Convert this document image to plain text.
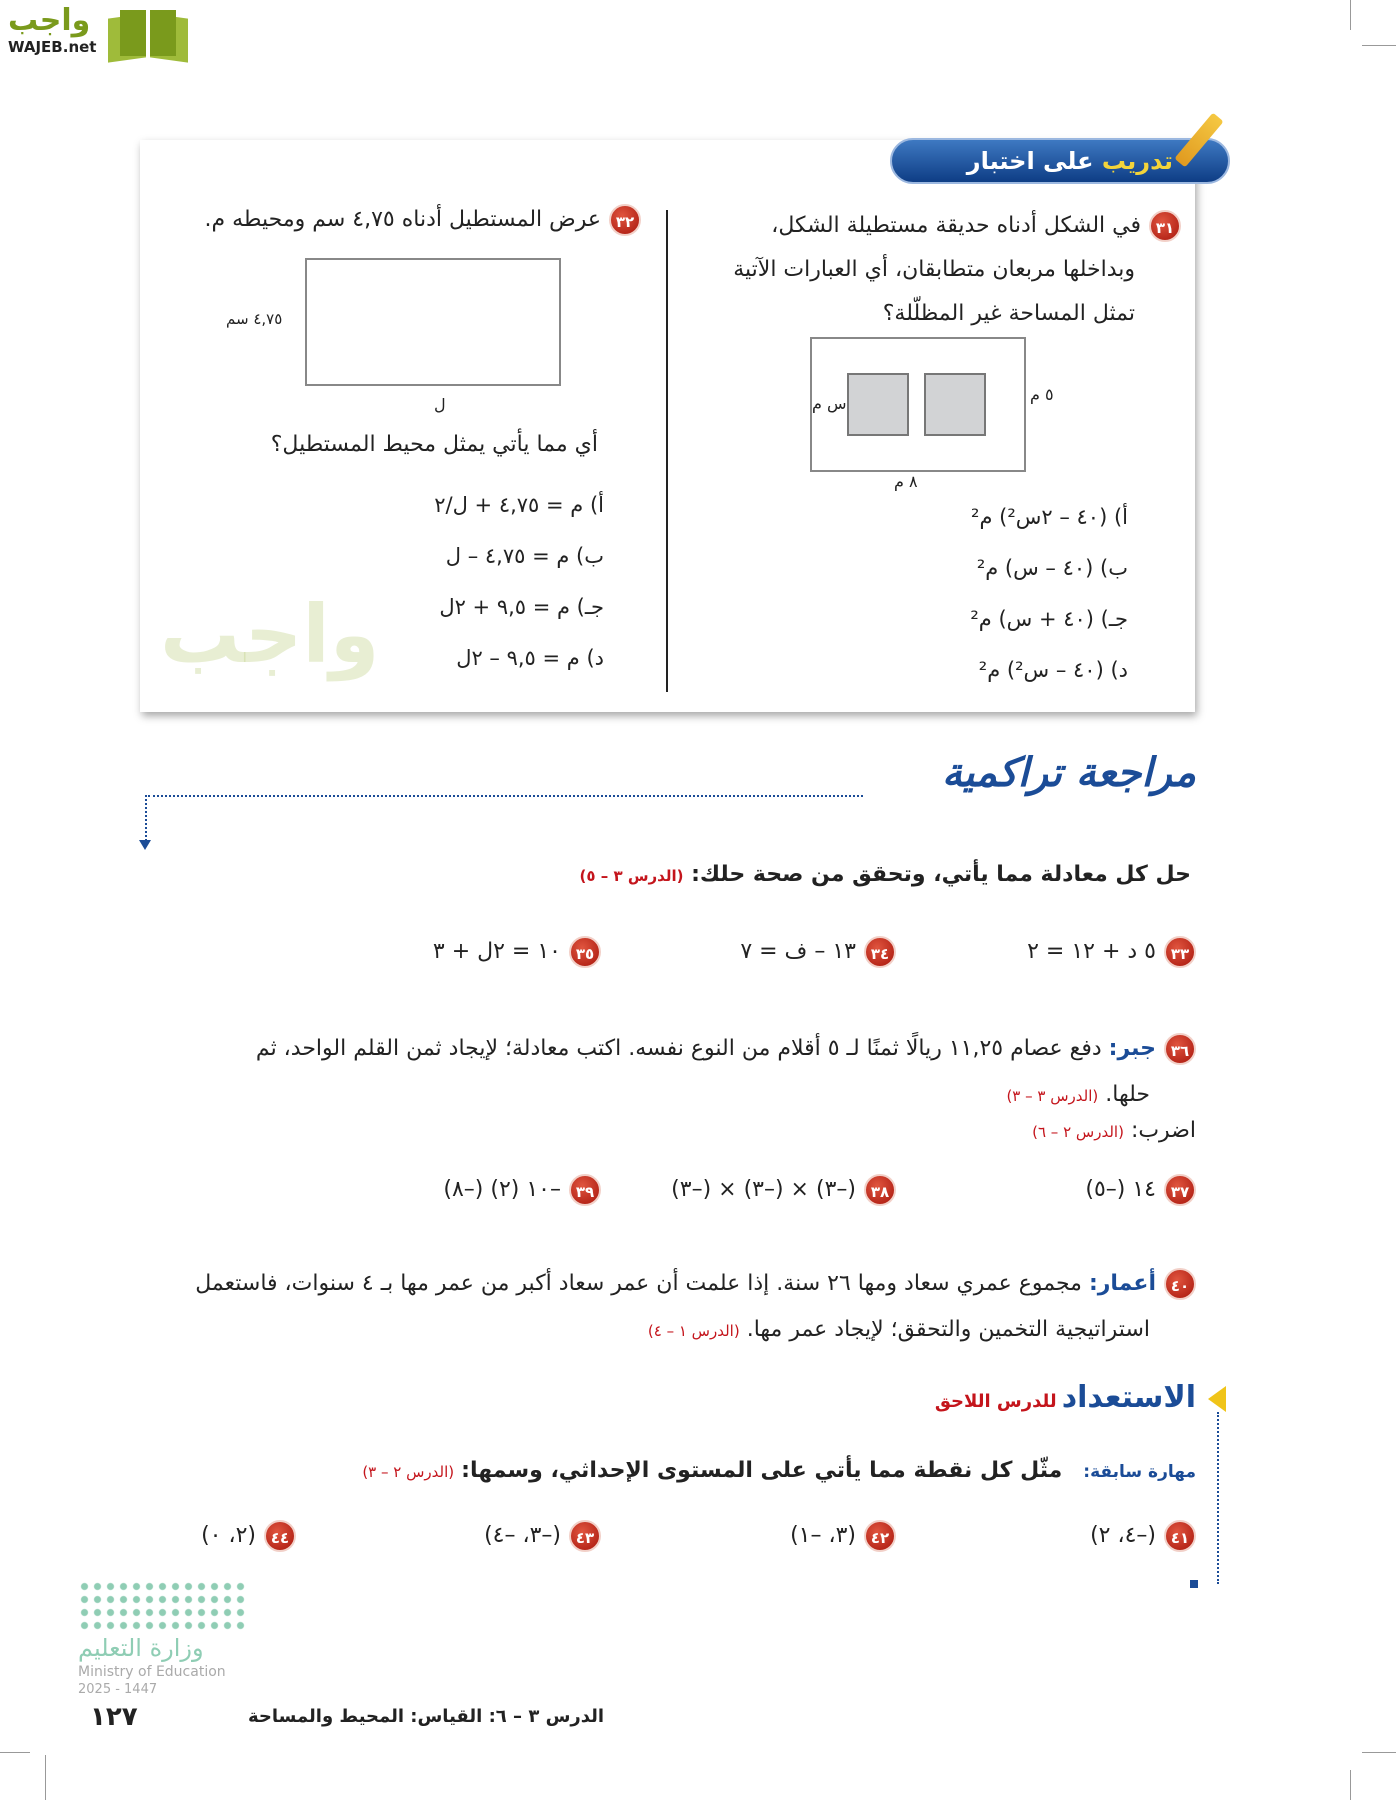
واجب
WAJEB.net
تدريب على اختبار
٣١في الشكل أدناه حديقة مستطيلة الشكل،
وبداخلها مربعان متطابقان، أي العبارات الآتية
تمثل المساحة غير المظلّلة؟
س م	٥ م
٨ م
أ) (٤٠ – ٢س²) م²
ب) (٤٠ – س) م²
جـ) (٤٠ + س) م²
د) (٤٠ – س²) م²
٣٢عرض المستطيل أدناه ٤,٧٥ سم ومحيطه م.
٤,٧٥ سم
ل
أي مما يأتي يمثل محيط المستطيل؟
أ) م = ٤,٧٥ + ل/٢
ب) م = ٤,٧٥ – ل
جـ) م = ٩,٥ + ٢ل
د) م = ٩,٥ – ٢ل
واجب
مراجعة تراكمية
حل كل معادلة مما يأتي، وتحقق من صحة حلك: (الدرس ٣ – ٥)
٣٣٥ د + ١٢ = ٢
٣٤١٣ – ف = ٧
٣٥١٠ = ٢ل + ٣
٣٦جبر: دفع عصام ١١,٢٥ ريالًا ثمنًا لـ ٥ أقلام من النوع نفسه. اكتب معادلة؛ لإيجاد ثمن القلم الواحد، ثم
حلها. (الدرس ٣ – ٣)
اضرب: (الدرس ٢ – ٦)
٣٧١٤ (–٥)
٣٨(–٣) × (–٣) × (–٣)
٣٩–١٠ (٢) (–٨)
٤٠أعمار: مجموع عمري سعاد ومها ٢٦ سنة. إذا علمت أن عمر سعاد أكبر من عمر مها بـ ٤ سنوات، فاستعمل
استراتيجية التخمين والتحقق؛ لإيجاد عمر مها. (الدرس ١ – ٤)
الاستعداد للدرس اللاحق
مهارة سابقة:   مثّل كل نقطة مما يأتي على المستوى الإحداثي، وسمها: (الدرس ٢ – ٣)
٤١(–٤، ٢)
٤٢(٣، –١)
٤٣(–٣، –٤)
٤٤(٢، ٠)
وزارة التعليم
Ministry of Education
2025 - 1447
١٢٧	الدرس ٣ – ٦: القياس: المحيط والمساحة
